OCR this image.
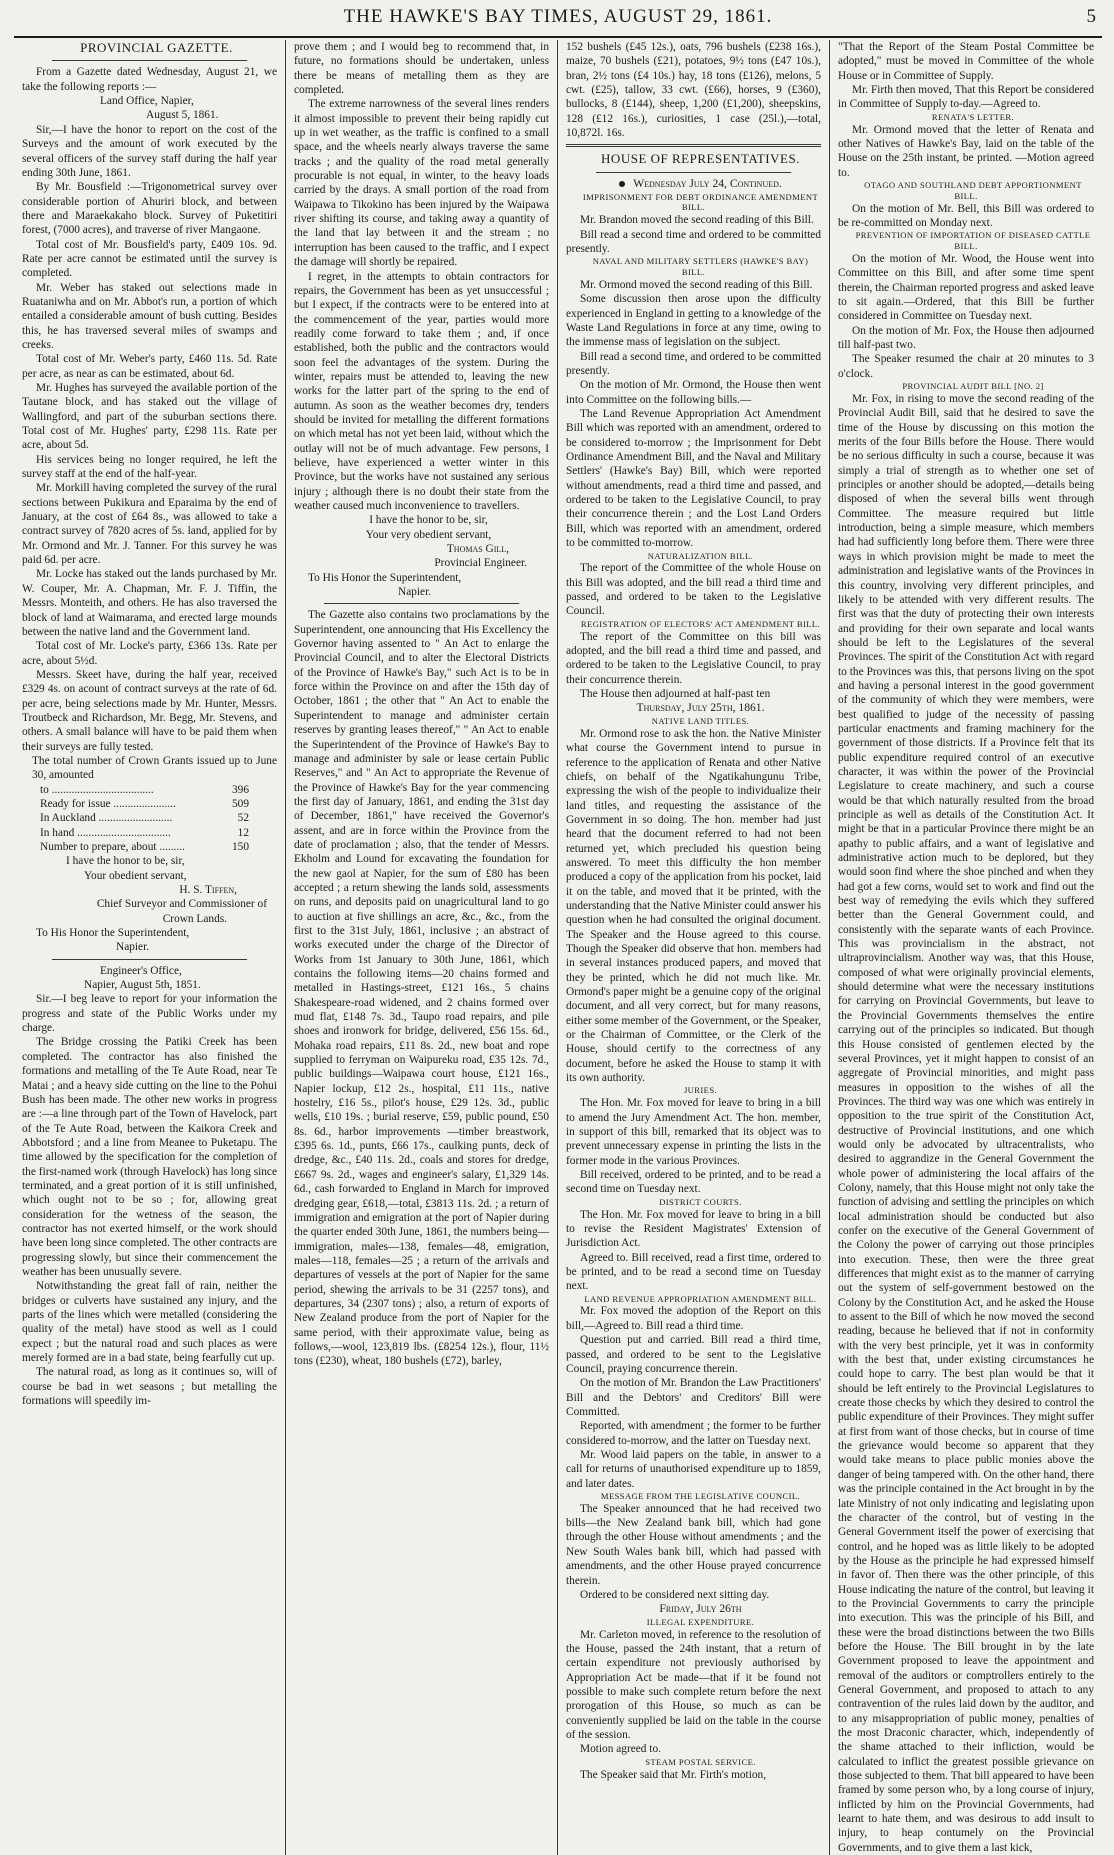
THE HAWKE'S BAY TIMES, AUGUST 29, 1861.	5

PROVINCIAL GAZETTE.

From a Gazette dated Wednesday, August 21, we take the following reports :—

Land Office, Napier,

August 5, 1861.

Sir,—I have the honor to report on the cost of the Surveys and the amount of work executed by the several officers of the survey staff during the half year ending 30th June, 1861.

By Mr. Bousfield :—Trigonometrical survey over considerable portion of Ahuriri block, and between there and Maraekakaho block. Survey of Puketitiri forest, (7000 acres), and traverse of river Mangaone.

Total cost of Mr. Bousfield's party, £409 10s. 9d. Rate per acre cannot be estimated until the survey is completed.

Mr. Weber has staked out selections made in Ruataniwha and on Mr. Abbot's run, a portion of which entailed a considerable amount of bush cutting. Besides this, he has traversed several miles of swamps and creeks.

Total cost of Mr. Weber's party, £460 11s. 5d. Rate per acre, as near as can be estimated, about 6d.

Mr. Hughes has surveyed the available portion of the Tautane block, and has staked out the village of Wallingford, and part of the suburban sections there. Total cost of Mr. Hughes' party, £298 11s. Rate per acre, about 5d.

His services being no longer required, he left the survey staff at the end of the half-year.

Mr. Morkill having completed the survey of the rural sections between Pukikura and Eparaima by the end of January, at the cost of £64 8s., was allowed to take a contract survey of 7820 acres of 5s. land, applied for by Mr. Ormond and Mr. J. Tanner. For this survey he was paid 6d. per acre.

Mr. Locke has staked out the lands purchased by Mr. W. Couper, Mr. A. Chapman, Mr. F. J. Tiffin, the Messrs. Monteith, and others. He has also traversed the block of land at Waimarama, and erected large mounds between the native land and the Government land.

Total cost of Mr. Locke's party, £366 13s. Rate per acre, about 5½d.

Messrs. Skeet have, during the half year, received £329 4s. on acount of contract surveys at the rate of 6d. per acre, being selections made by Mr. Hunter, Messrs. Troutbeck and Richardson, Mr. Begg, Mr. Stevens, and others. A small balance will have to be paid them when their surveys are fully tested.

The total number of Crown Grants issued up to June 30, amounted

to ....................................	396
Ready for issue ......................	509
In Auckland ..........................	52
In hand .................................	12
Number to prepare, about .........	150

I have the honor to be, sir,

Your obedient servant,

H. S. Tiffen,

Chief Surveyor and Commissioner of

Crown Lands.

To His Honor the Superintendent,

Napier.

Engineer's Office,

Napier, August 5th, 1851.

Sir.—I beg leave to report for your information the progress and state of the Public Works under my charge.

The Bridge crossing the Patiki Creek has been completed. The contractor has also finished the formations and metalling of the Te Aute Road, near Te Matai ; and a heavy side cutting on the line to the Pohui Bush has been made. The other new works in progress are :—a line through part of the Town of Havelock, part of the Te Aute Road, between the Kaikora Creek and Abbotsford ; and a line from Meanee to Puketapu. The time allowed by the specification for the completion of the first-named work (through Havelock) has long since terminated, and a great portion of it is still unfinished, which ought not to be so ; for, allowing great consideration for the wetness of the season, the contractor has not exerted himself, or the work should have been long since completed. The other contracts are progressing slowly, but since their commencement the weather has been unusually severe.

Notwithstanding the great fall of rain, neither the bridges or culverts have sustained any injury, and the parts of the lines which were metalled (considering the quality of the metal) have stood as well as I could expect ; but the natural road and such places as were merely formed are in a bad state, being fearfully cut up.

The natural road, as long as it continues so, will of course be bad in wet seasons ; but metalling the formations will speedily im-

prove them ; and I would beg to recommend that, in future, no formations should be undertaken, unless there be means of metalling them as they are completed.

The extreme narrowness of the several lines renders it almost impossible to prevent their being rapidly cut up in wet weather, as the traffic is confined to a small space, and the wheels nearly always traverse the same tracks ; and the quality of the road metal generally procurable is not equal, in winter, to the heavy loads carried by the drays. A small portion of the road from Waipawa to Tikokino has been injured by the Waipawa river shifting its course, and taking away a quantity of the land that lay between it and the stream ; no interruption has been caused to the traffic, and I expect the damage will shortly be repaired.

I regret, in the attempts to obtain contractors for repairs, the Government has been as yet unsuccessful ; but I expect, if the contracts were to be entered into at the commencement of the year, parties would more readily come forward to take them ; and, if once established, both the public and the contractors would soon feel the advantages of the system. During the winter, repairs must be attended to, leaving the new works for the latter part of the spring to the end of autumn. As soon as the weather becomes dry, tenders should be invited for metalling the different formations on which metal has not yet been laid, without which the outlay will not be of much advantage. Few persons, I believe, have experienced a wetter winter in this Province, but the works have not sustained any serious injury ; although there is no doubt their state from the weather caused much inconvenience to travellers.

I have the honor to be, sir,

Your very obedient servant,

Thomas Gill,

Provincial Engineer.

To His Honor the Superintendent,

Napier.

The Gazette also contains two proclamations by the Superintendent, one announcing that His Excellency the Governor having assented to " An Act to enlarge the Provincial Council, and to alter the Electoral Districts of the Province of Hawke's Bay," such Act is to be in force within the Province on and after the 15th day of October, 1861 ; the other that " An Act to enable the Superintendent to manage and administer certain reserves by granting leases thereof," " An Act to enable the Superintendent of the Province of Hawke's Bay to manage and administer by sale or lease certain Public Reserves," and " An Act to appropriate the Revenue of the Province of Hawke's Bay for the year commencing the first day of January, 1861, and ending the 31st day of December, 1861," have received the Governor's assent, and are in force within the Province from the date of proclamation ; also, that the tender of Messrs. Ekholm and Lound for excavating the foundation for the new gaol at Napier, for the sum of £80 has been accepted ; a return shewing the lands sold, assessments on runs, and deposits paid on unagricultural land to go to auction at five shillings an acre, &c., &c., from the first to the 31st July, 1861, inclusive ; an abstract of works executed under the charge of the Director of Works from 1st January to 30th June, 1861, which contains the following items—20 chains formed and metalled in Hastings-street, £121 16s., 5 chains Shakespeare-road widened, and 2 chains formed over mud flat, £148 7s. 3d., Taupo road repairs, and pile shoes and ironwork for bridge, delivered, £56 15s. 6d., Mohaka road repairs, £11 8s. 2d., new boat and rope supplied to ferryman on Waipureku road, £35 12s. 7d., public buildings—Waipawa court house, £121 16s., Napier lockup, £12 2s., hospital, £11 11s., native hostelry, £16 5s., pilot's house, £29 12s. 3d., public wells, £10 19s. ; burial reserve, £59, public pound, £50 8s. 6d., harbor improvements —timber breastwork, £395 6s. 1d., punts, £66 17s., caulking punts, deck of dredge, &c., £40 11s. 2d., coals and stores for dredge, £667 9s. 2d., wages and engineer's salary, £1,329 14s. 6d., cash forwarded to England in March for improved dredging gear, £618,—total, £3813 11s. 2d. ; a return of immigration and emigration at the port of Napier during the quarter ended 30th June, 1861, the numbers being—immigration, males—138, females—48, emigration, males—118, females—25 ; a return of the arrivals and departures of vessels at the port of Napier for the same period, shewing the arrivals to be 31 (2257 tons), and departures, 34 (2307 tons) ; also, a return of exports of New Zealand produce from the port of Napier for the same period, with their approximate value, being as follows,—wool, 123,819 lbs. (£8254 12s.), flour, 11½ tons (£230), wheat, 180 bushels (£72), barley,

152 bushels (£45 12s.), oats, 796 bushels (£238 16s.), maize, 70 bushels (£21), potatoes, 9½ tons (£47 10s.), bran, 2½ tons (£4 10s.) hay, 18 tons (£126), melons, 5 cwt. (£25), tallow, 33 cwt. (£66), horses, 9 (£360), bullocks, 8 (£144), sheep, 1,200 (£1,200), sheepskins, 128 (£12 16s.), curiosities, 1 case (25l.),—total, 10,872l. 16s.

HOUSE OF REPRESENTATIVES.

Wednesday July 24, Continued.

IMPRISONMENT FOR DEBT ORDINANCE AMENDMENT BILL.

Mr. Brandon moved the second reading of this Bill.

Bill read a second time and ordered to be committed presently.

NAVAL AND MILITARY SETTLERS (HAWKE'S BAY) BILL.

Mr. Ormond moved the second reading of this Bill.

Some discussion then arose upon the difficulty experienced in England in getting to a knowledge of the Waste Land Regulations in force at any time, owing to the immense mass of legislation on the subject.

Bill read a second time, and ordered to be committed presently.

On the motion of Mr. Ormond, the House then went into Committee on the following bills.—

The Land Revenue Appropriation Act Amendment Bill which was reported with an amendment, ordered to be considered to-morrow ; the Imprisonment for Debt Ordinance Amendment Bill, and the Naval and Military Settlers' (Hawke's Bay) Bill, which were reported without amendments, read a third time and passed, and ordered to be taken to the Legislative Council, to pray their concurrence therein ; and the Lost Land Orders Bill, which was reported with an amendment, ordered to be committed to-morrow.

NATURALIZATION BILL.

The report of the Committee of the whole House on this Bill was adopted, and the bill read a third time and passed, and ordered to be taken to the Legislative Council.

REGISTRATION OF ELECTORS' ACT AMENDMENT BILL.

The report of the Committee on this bill was adopted, and the bill read a third time and passed, and ordered to be taken to the Legislative Council, to pray their concurrence therein.

The House then adjourned at half-past ten

Thursday, July 25th, 1861.

NATIVE LAND TITLES.

Mr. Ormond rose to ask the hon. the Native Minister what course the Government intend to pursue in reference to the application of Renata and other Native chiefs, on behalf of the Ngatikahungunu Tribe, expressing the wish of the people to individualize their land titles, and requesting the assistance of the Government in so doing. The hon. member had just heard that the document referred to had not been returned yet, which precluded his question being answered. To meet this difficulty the hon member produced a copy of the application from his pocket, laid it on the table, and moved that it be printed, with the understanding that the Native Minister could answer his question when he had consulted the original document. The Speaker and the House agreed to this course. Though the Speaker did observe that hon. members had in several instances produced papers, and moved that they be printed, which he did not much like. Mr. Ormond's paper might be a genuine copy of the original document, and all very correct, but for many reasons, either some member of the Government, or the Speaker, or the Chairman of Committee, or the Clerk of the House, should certify to the correctness of any document, before he asked the House to stamp it with its own authority.

JURIES.

The Hon. Mr. Fox moved for leave to bring in a bill to amend the Jury Amendment Act. The hon. member, in support of this bill, remarked that its object was to prevent unnecessary expense in printing the lists in the former mode in the various Provinces.

Bill received, ordered to be printed, and to be read a second time on Tuesday next.

DISTRICT COURTS.

The Hon. Mr. Fox moved for leave to bring in a bill to revise the Resident Magistrates' Extension of Jurisdiction Act.

Agreed to. Bill received, read a first time, ordered to be printed, and to be read a second time on Tuesday next.

LAND REVENUE APPROPRIATION AMENDMENT BILL.

Mr. Fox moved the adoption of the Report on this bill,—Agreed to. Bill read a third time.

Question put and carried. Bill read a third time, passed, and ordered to be sent to the Legislative Council, praying concurrence therein.

On the motion of Mr. Brandon the Law Practitioners' Bill and the Debtors' and Creditors' Bill were Committed.

Reported, with amendment ; the former to be further considered to-morrow, and the latter on Tuesday next.

Mr. Wood laid papers on the table, in answer to a call for returns of unauthorised expenditure up to 1859, and later dates.

MESSAGE FROM THE LEGISLATIVE COUNCIL.

The Speaker announced that he had received two bills—the New Zealand bank bill, which had gone through the other House without amendments ; and the New South Wales bank bill, which had passed with amendments, and the other House prayed concurrence therein.

Ordered to be considered next sitting day.

Friday, July 26th

ILLEGAL EXPENDITURE.

Mr. Carleton moved, in reference to the resolution of the House, passed the 24th instant, that a return of certain expenditure not previously authorised by Appropriation Act be made—that if it be found not possible to make such complete return before the next prorogation of this House, so much as can be conveniently supplied be laid on the table in the course of the session.

Motion agreed to.

STEAM POSTAL SERVICE.

The Speaker said that Mr. Firth's motion,

"That the Report of the Steam Postal Committee be adopted," must be moved in Committee of the whole House or in Committee of Supply.

Mr. Firth then moved, That this Report be considered in Committee of Supply to-day.—Agreed to.

RENATA'S LETTER.

Mr. Ormond moved that the letter of Renata and other Natives of Hawke's Bay, laid on the table of the House on the 25th instant, be printed. —Motion agreed to.

OTAGO AND SOUTHLAND DEBT APPORTIONMENT BILL.

On the motion of Mr. Bell, this Bill was ordered to be re-committed on Monday next.

PREVENTION OF IMPORTATION OF DISEASED CATTLE BILL.

On the motion of Mr. Wood, the House went into Committee on this Bill, and after some time spent therein, the Chairman reported progress and asked leave to sit again.—Ordered, that this Bill be further considered in Committee on Tuesday next.

On the motion of Mr. Fox, the House then adjourned till half-past two.

The Speaker resumed the chair at 20 minutes to 3 o'clock.

PROVINCIAL AUDIT BILL [NO. 2]

Mr. Fox, in rising to move the second reading of the Provincial Audit Bill, said that he desired to save the time of the House by discussing on this motion the merits of the four Bills before the House. There would be no serious difficulty in such a course, because it was simply a trial of strength as to whether one set of principles or another should be adopted,—details being disposed of when the several bills went through Committee. The measure required but little introduction, being a simple measure, which members had had sufficiently long before them. There were three ways in which provision might be made to meet the administration and legislative wants of the Provinces in this country, involving very different principles, and likely to be attended with very different results. The first was that the duty of protecting their own interests and providing for their own separate and local wants should be left to the Legislatures of the several Provinces. The spirit of the Constitution Act with regard to the Provinces was this, that persons living on the spot and having a personal interest in the good government of the community of which they were members, were best qualified to judge of the necessity of passing particular enactments and framing machinery for the government of those districts. If a Province felt that its public expenditure required control of an executive character, it was within the power of the Provincial Legislature to create machinery, and such a course would be that which naturally resulted from the broad principle as well as details of the Constitution Act. It might be that in a particular Province there might be an apathy to public affairs, and a want of legislative and administrative action much to be deplored, but they would soon find where the shoe pinched and when they had got a few corns, would set to work and find out the best way of remedying the evils which they suffered better than the General Government could, and consistently with the separate wants of each Province. This was provincialism in the abstract, not ultraprovincialism. Another way was, that this House, composed of what were originally provincial elements, should determine what were the necessary institutions for carrying on Provincial Governments, but leave to the Provincial Governments themselves the entire carrying out of the principles so indicated. But though this House consisted of gentlemen elected by the several Provinces, yet it might happen to consist of an aggregate of Provincial minorities, and might pass measures in opposition to the wishes of all the Provinces. The third way was one which was entirely in opposition to the true spirit of the Constitution Act, destructive of Provincial institutions, and one which would only be advocated by ultracentralists, who desired to aggrandize in the General Government the whole power of administering the local affairs of the Colony, namely, that this House might not only take the function of advising and settling the principles on which local administration should be conducted but also confer on the executive of the General Government of the Colony the power of carrying out those principles into execution. These, then were the three great differences that might exist as to the manner of carrying out the system of self-government bestowed on the Colony by the Constitution Act, and he asked the House to assent to the Bill of which he now moved the second reading, because he believed that if not in conformity with the very best principle, yet it was in conformity with the best that, under existing circumstances he could hope to carry. The best plan would be that it should be left entirely to the Provincial Legislatures to create those checks by which they desired to control the public expenditure of their Provinces. They might suffer at first from want of those checks, but in course of time the grievance would become so apparent that they would take means to place public monies above the danger of being tampered with. On the other hand, there was the principle contained in the Act brought in by the late Ministry of not only indicating and legislating upon the character of the control, but of vesting in the General Government itself the power of exercising that control, and he hoped was as little likely to be adopted by the House as the principle he had expressed himself in favor of. Then there was the other principle, of this House indicating the nature of the control, but leaving it to the Provincial Governments to carry the principle into execution. This was the principle of his Bill, and these were the broad distinctions between the two Bills before the House. The Bill brought in by the late Government proposed to leave the appointment and removal of the auditors or comptrollers entirely to the General Government, and proposed to attach to any contravention of the rules laid down by the auditor, and to any misappropriation of public money, penalties of the most Draconic character, which, independently of the shame attached to their infliction, would be calculated to inflict the greatest possible grievance on those subjected to them. That bill appeared to have been framed by some person who, by a long course of injury, inflicted by him on the Provincial Governments, had learnt to hate them, and was desirous to add insult to injury, to heap contumely on the Provincial Governments, and to give them a last kick,
